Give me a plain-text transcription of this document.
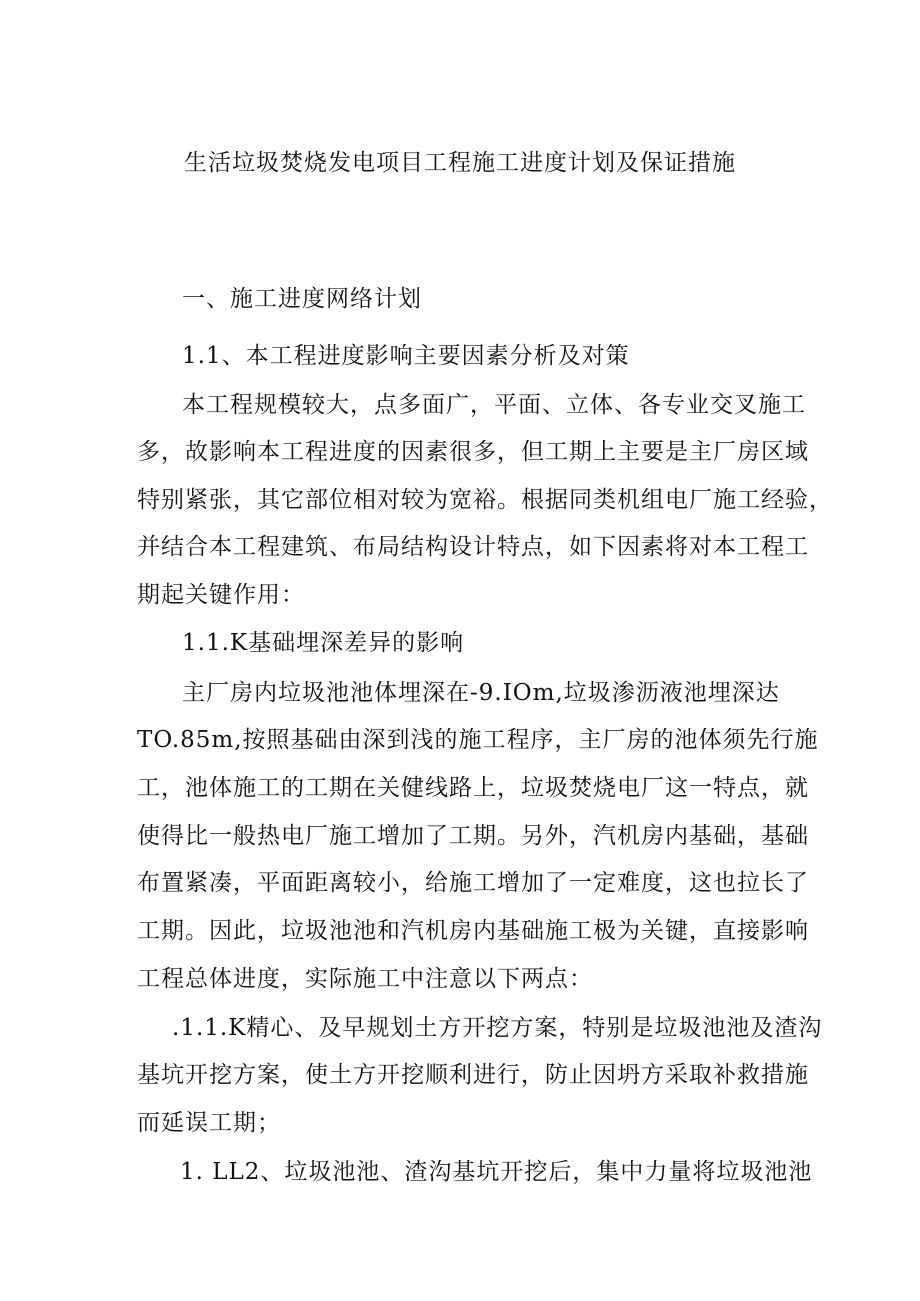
生活垃圾焚烧发电项目工程施工进度计划及保证措施
一、施工进度网络计划
1.1、本工程进度影响主要因素分析及对策
本工程规模较大，点多面广，平面、立体、各专业交叉施工
多，故影响本工程进度的因素很多，但工期上主要是主厂房区域
特别紧张，其它部位相对较为宽裕。根据同类机组电厂施工经验，
并结合本工程建筑、布局结构设计特点，如下因素将对本工程工
期起关键作用：
1.1.K基础埋深差异的影响
主厂房内垃圾池池体埋深在-9.IOm,垃圾渗沥液池埋深达
TO.85m,按照基础由深到浅的施工程序，主厂房的池体须先行施
工，池体施工的工期在关健线路上，垃圾焚烧电厂这一特点，就
使得比一般热电厂施工增加了工期。另外，汽机房内基础，基础
布置紧凑，平面距离较小，给施工增加了一定难度，这也拉长了
工期。因此，垃圾池池和汽机房内基础施工极为关键，直接影响
工程总体进度，实际施工中注意以下两点：
.1.1.K精心、及早规划土方开挖方案，特别是垃圾池池及渣沟
基坑开挖方案，使土方开挖顺利进行，防止因坍方采取补救措施
而延误工期；
1. LL2、垃圾池池、渣沟基坑开挖后，集中力量将垃圾池池
